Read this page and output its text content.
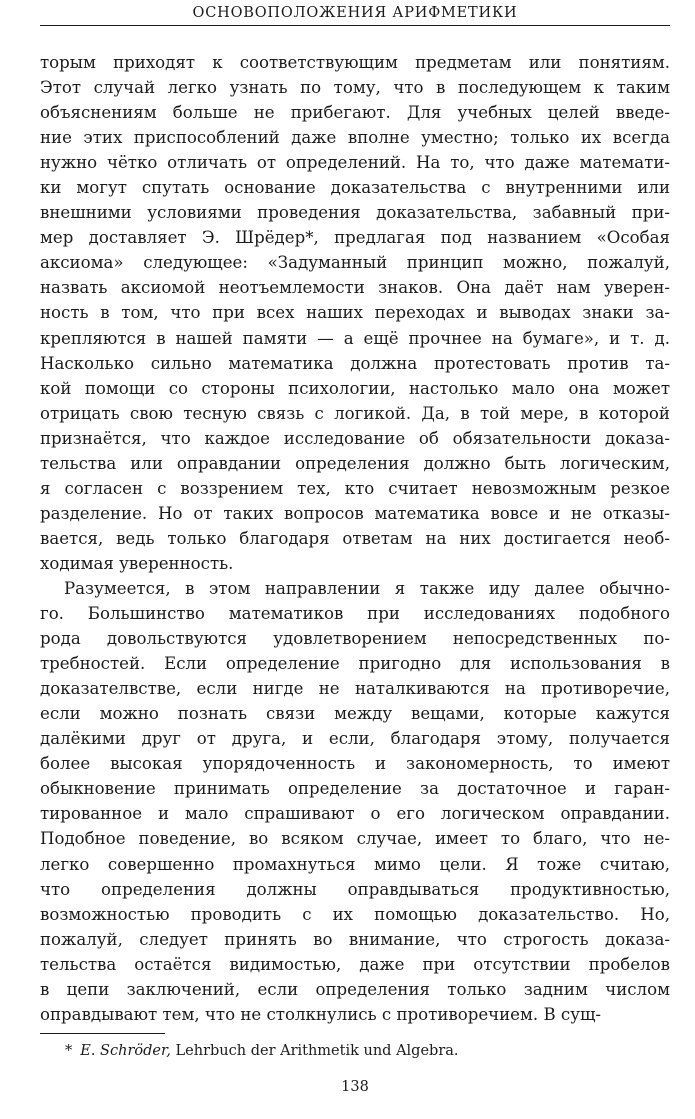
ОСНОВОПОЛОЖЕНИЯ АРИФМЕТИКИ
торым приходят к соответствующим предметам или понятиям.
Этот случай легко узнать по тому, что в последующем к таким
объяснениям больше не прибегают. Для учебных целей введе-
ние этих приспособлений даже вполне уместно; только их всегда
нужно чётко отличать от определений. На то, что даже математи-
ки могут спутать основание доказательства с внутренними или
внешними условиями проведения доказательства, забавный при-
мер доставляет Э. Шрёдер*, предлагая под названием «Особая
аксиома» следующее: «Задуманный принцип можно, пожалуй,
назвать аксиомой неотъемлемости знаков. Она даёт нам уверен-
ность в том, что при всех наших переходах и выводах знаки за-
крепляются в нашей памяти — а ещё прочнее на бумаге», и т. д.
Насколько сильно математика должна протестовать против та-
кой помощи со стороны психологии, настолько мало она может
отрицать свою тесную связь с логикой. Да, в той мере, в которой
признаётся, что каждое исследование об обязательности доказа-
тельства или оправдании определения должно быть логическим,
я согласен с воззрением тех, кто считает невозможным резкое
разделение. Но от таких вопросов математика вовсе и не отказы-
вается, ведь только благодаря ответам на них достигается необ-
ходимая уверенность.
Разумеется, в этом направлении я также иду далее обычно-
го. Большинство математиков при исследованиях подобного
рода довольствуются удовлетворением непосредственных по-
требностей. Если определение пригодно для использования в
доказателвстве, если нигде не наталкиваются на противоречие,
если можно познать связи между вещами, которые кажутся
далёкими друг от друга, и если, благодаря этому, получается
более высокая упорядоченность и закономерность, то имеют
обыкновение принимать определение за достаточное и гаран-
тированное и мало спрашивают о его логическом оправдании.
Подобное поведение, во всяком случае, имеет то благо, что не-
легко совершенно промахнуться мимо цели. Я тоже считаю,
что определения должны оправдываться продуктивностью,
возможностью проводить с их помощью доказательство. Но,
пожалуй, следует принять во внимание, что строгость доказа-
тельства остаётся видимостью, даже при отсутствии пробелов
в цепи заключений, если определения только задним числом
оправдывают тем, что не столкнулись с противоречием. В сущ-
* E. Schröder, Lehrbuch der Arithmetik und Algebra.
138
